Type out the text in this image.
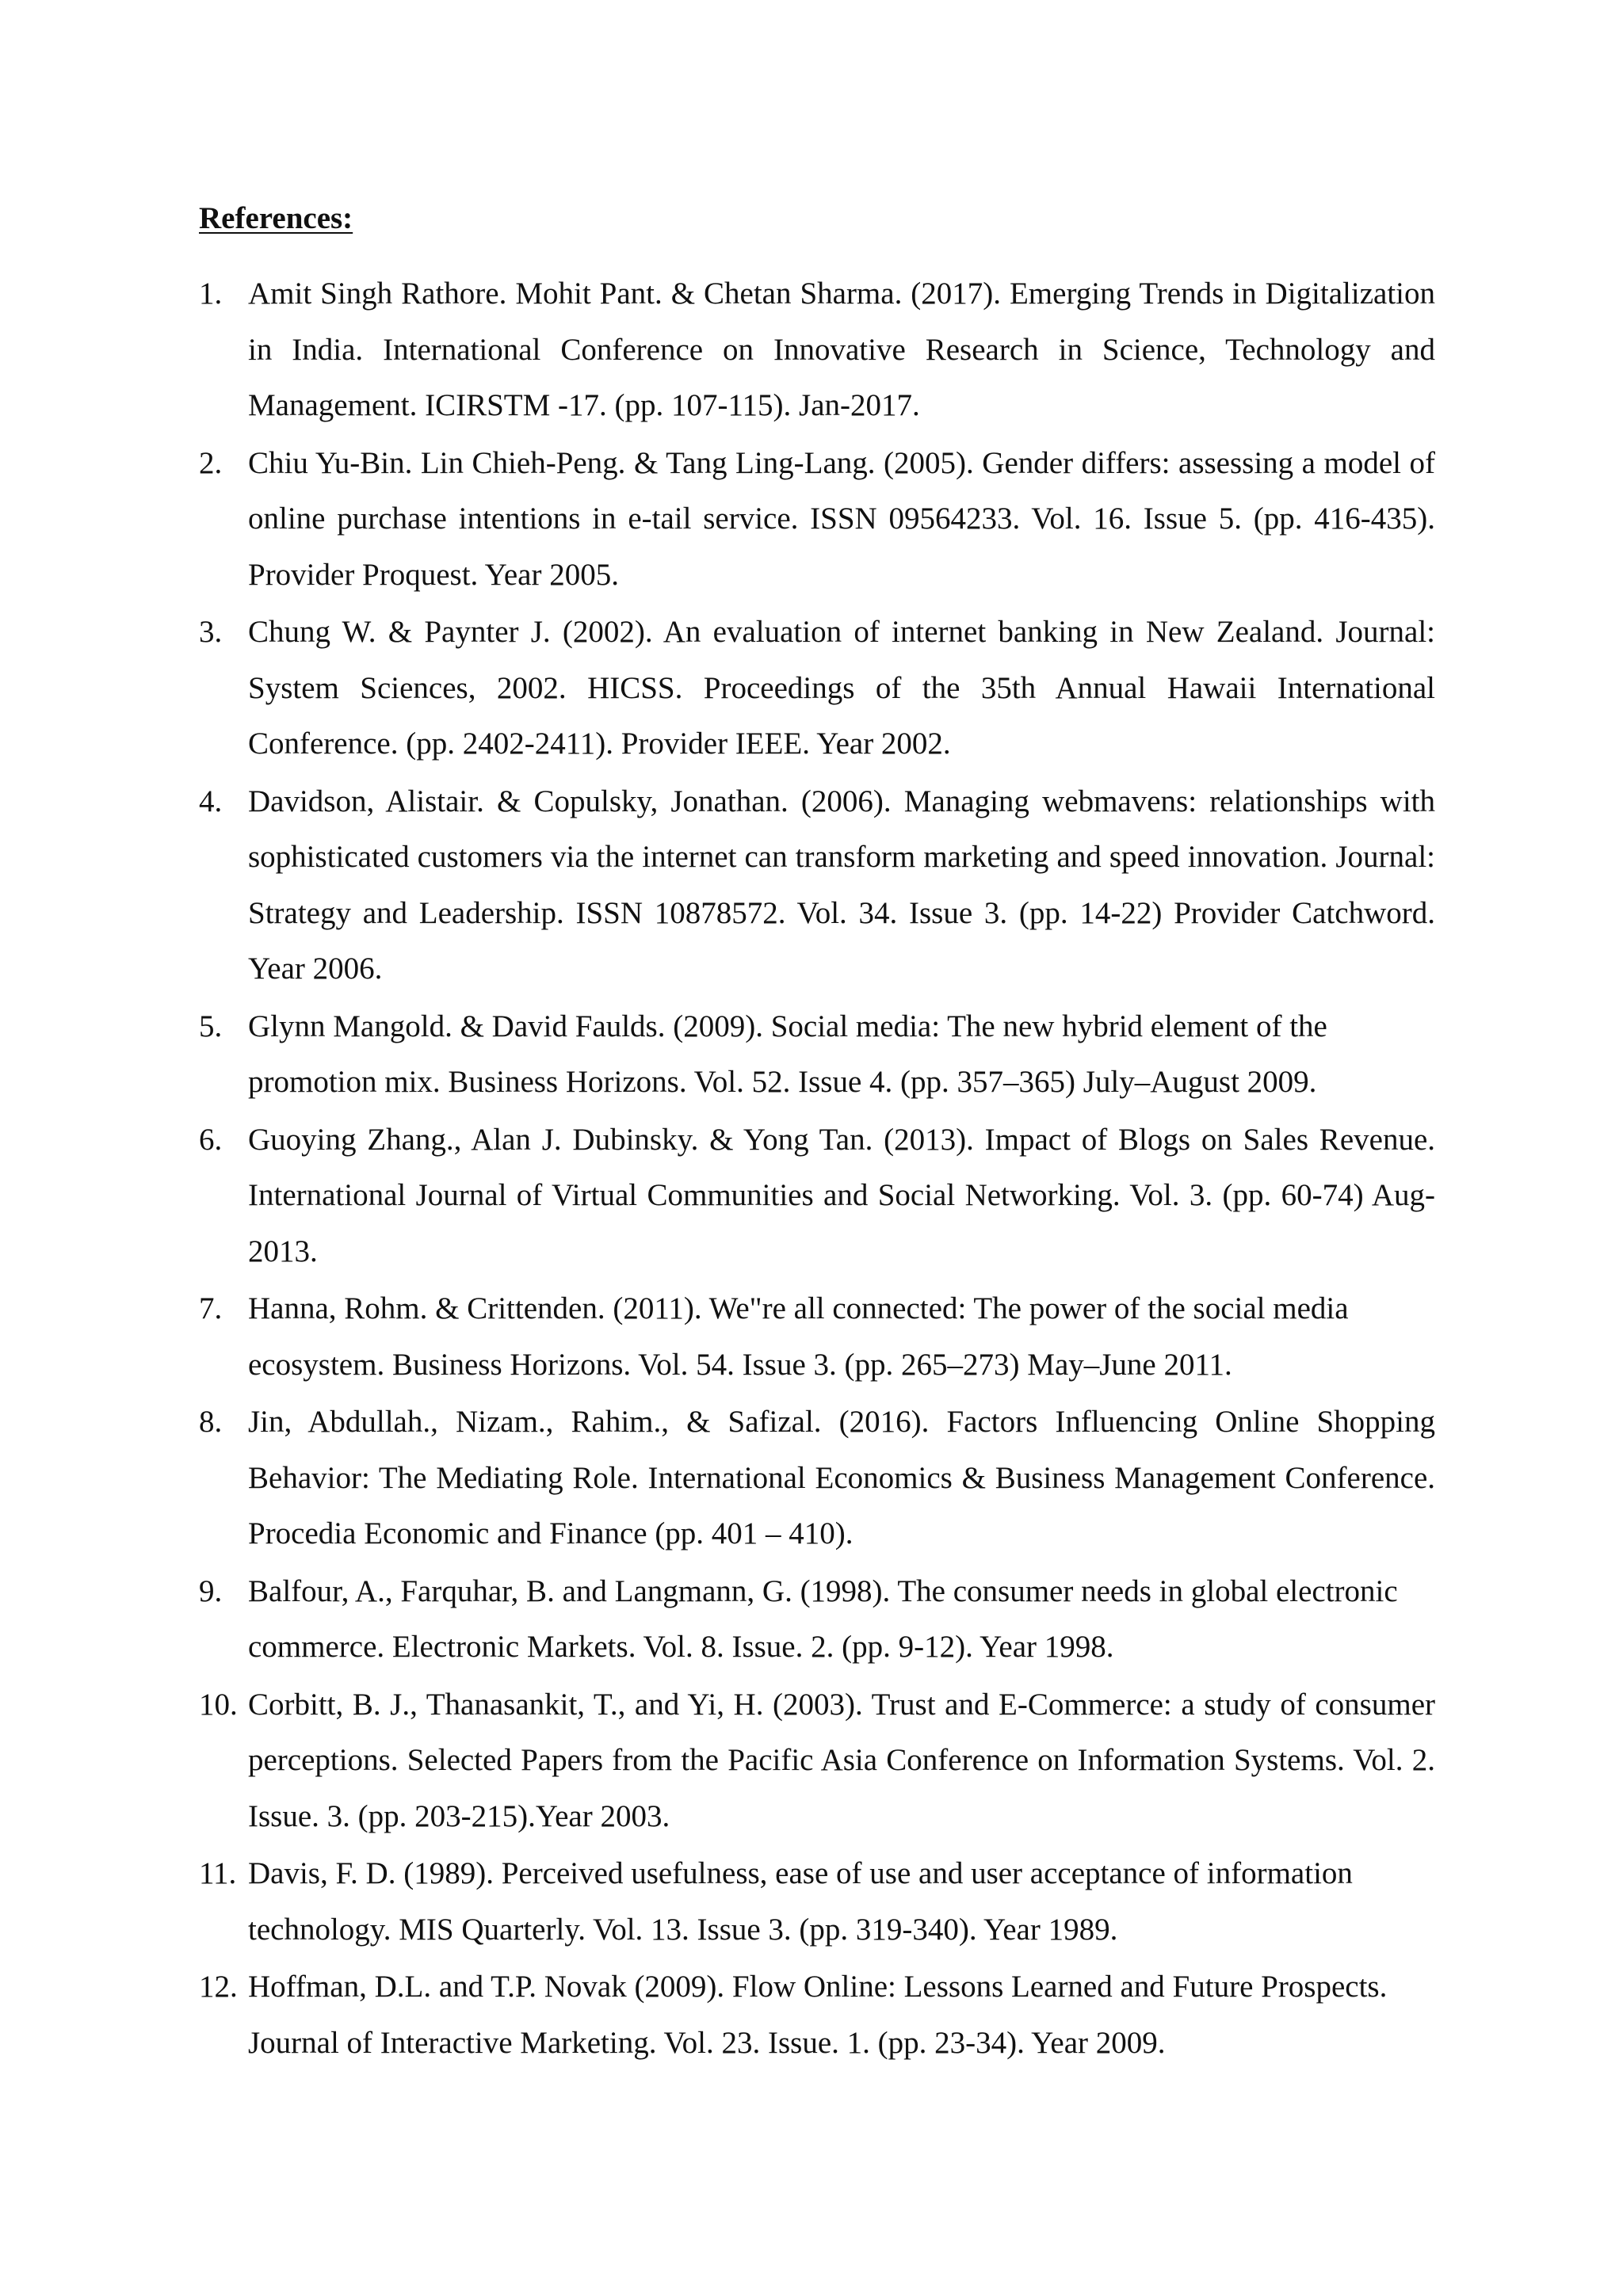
References:
1. Amit Singh Rathore. Mohit Pant. & Chetan Sharma. (2017). Emerging Trends in Digitalization in India. International Conference on Innovative Research in Science, Technology and Management. ICIRSTM -17. (pp. 107-115). Jan-2017.
2. Chiu Yu-Bin. Lin Chieh-Peng. & Tang Ling-Lang. (2005). Gender differs: assessing a model of online purchase intentions in e-tail service. ISSN 09564233. Vol. 16. Issue 5. (pp. 416-435). Provider Proquest. Year 2005.
3. Chung W. & Paynter J. (2002). An evaluation of internet banking in New Zealand. Journal: System Sciences, 2002. HICSS. Proceedings of the 35th Annual Hawaii International Conference. (pp. 2402-2411). Provider IEEE. Year 2002.
4. Davidson, Alistair. & Copulsky, Jonathan. (2006). Managing webmavens: relationships with sophisticated customers via the internet can transform marketing and speed innovation. Journal: Strategy and Leadership. ISSN 10878572. Vol. 34. Issue 3. (pp. 14-22) Provider Catchword. Year 2006.
5. Glynn Mangold. & David Faulds. (2009). Social media: The new hybrid element of the promotion mix. Business Horizons. Vol. 52. Issue 4. (pp. 357–365) July–August 2009.
6. Guoying Zhang., Alan J. Dubinsky. & Yong Tan. (2013). Impact of Blogs on Sales Revenue. International Journal of Virtual Communities and Social Networking. Vol. 3. (pp. 60-74) Aug-2013.
7. Hanna, Rohm. & Crittenden. (2011). We"re all connected: The power of the social media ecosystem. Business Horizons. Vol. 54. Issue 3. (pp. 265–273) May–June 2011.
8. Jin, Abdullah., Nizam., Rahim., & Safizal. (2016). Factors Influencing Online Shopping Behavior: The Mediating Role. International Economics & Business Management Conference. Procedia Economic and Finance (pp. 401 – 410).
9. Balfour, A., Farquhar, B. and Langmann, G. (1998). The consumer needs in global electronic commerce. Electronic Markets. Vol. 8. Issue. 2. (pp. 9-12). Year 1998.
10. Corbitt, B. J., Thanasankit, T., and Yi, H. (2003). Trust and E-Commerce: a study of consumer perceptions. Selected Papers from the Pacific Asia Conference on Information Systems. Vol. 2. Issue. 3. (pp. 203-215).Year 2003.
11. Davis, F. D. (1989). Perceived usefulness, ease of use and user acceptance of information technology. MIS Quarterly. Vol. 13. Issue 3. (pp. 319-340). Year 1989.
12. Hoffman, D.L. and T.P. Novak (2009). Flow Online: Lessons Learned and Future Prospects. Journal of Interactive Marketing. Vol. 23. Issue. 1. (pp. 23-34). Year 2009.
